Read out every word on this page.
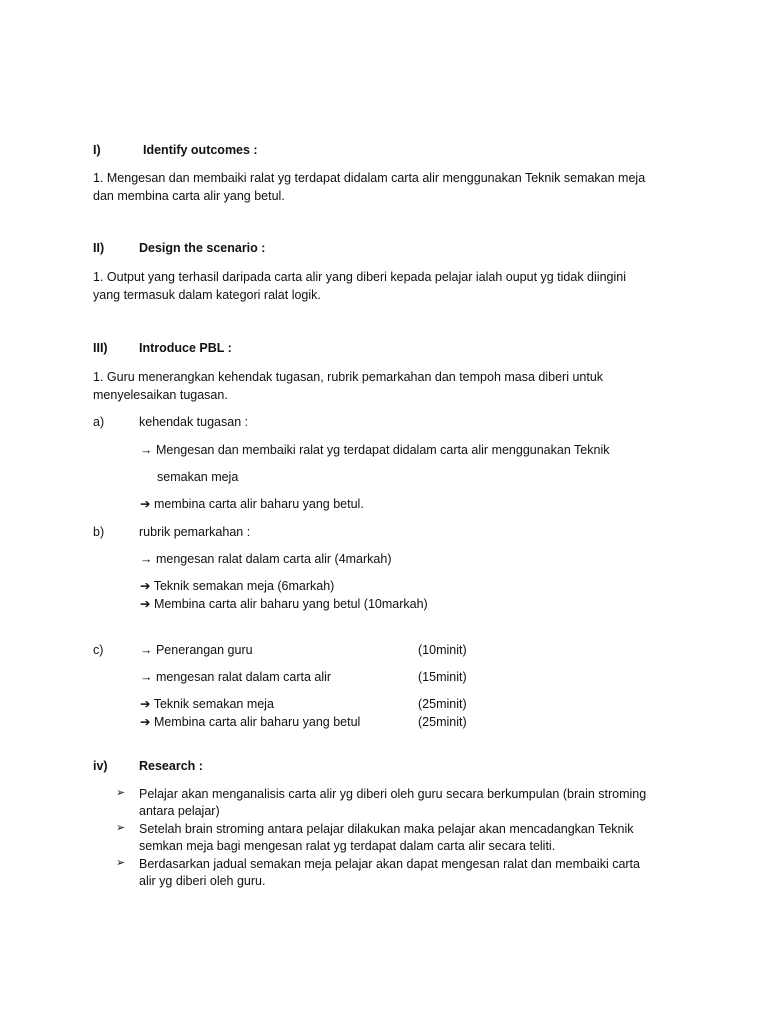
I)	Identify outcomes :
1. Mengesan dan membaiki ralat yg terdapat didalam carta alir menggunakan Teknik semakan meja
dan membina carta alir yang betul.
II)	Design the scenario :
1. Output yang terhasil daripada carta alir yang diberi kepada pelajar ialah ouput yg tidak diingini
yang termasuk dalam kategori ralat logik.
III)	Introduce PBL :
1. Guru menerangkan kehendak tugasan, rubrik pemarkahan dan tempoh masa diberi untuk
menyelesaikan tugasan.
a)	kehendak tugasan :
→ Mengesan dan membaiki ralat yg terdapat didalam carta alir menggunakan Teknik
semakan meja
➔ membina carta alir baharu yang betul.
b)	rubrik pemarkahan :
→ mengesan ralat dalam carta alir (4markah)
➔ Teknik semakan meja (6markah)
➔ Membina carta alir baharu yang betul (10markah)
c)	→ Penerangan guru	(10minit)
→ mengesan ralat dalam carta alir	(15minit)
➔ Teknik semakan meja	(25minit)
➔ Membina carta alir baharu yang betul	(25minit)
iv)	Research :
➢ Pelajar akan menganalisis carta alir yg diberi oleh guru secara berkumpulan (brain stroming
antara pelajar)
➢ Setelah brain stroming antara pelajar dilakukan maka pelajar akan mencadangkan Teknik
semkan meja bagi mengesan ralat yg terdapat dalam carta alir secara teliti.
➢ Berdasarkan jadual semakan meja pelajar akan dapat mengesan ralat dan membaiki carta
alir yg diberi oleh guru.
